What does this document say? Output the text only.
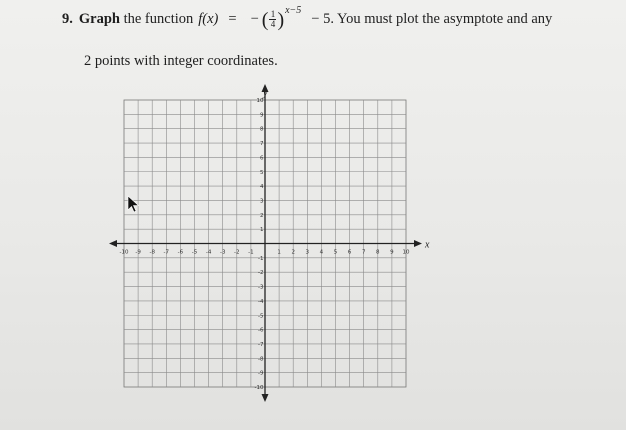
9. Graph the function f(x) = − ( $\frac{1}{4}$ ) x−5
− 5. You must plot the asymptote and any
2 points with integer coordinates.
-10 -9 -8 -7 -6 -5 -4 -3 -2 -1	1 2 3 4 5 6 7 8 9 10
10
9
8
7
6
5
4
3
2
1
-1
-2
-3
-4
-5
-6
-7
-8
-9
-10
x
y
